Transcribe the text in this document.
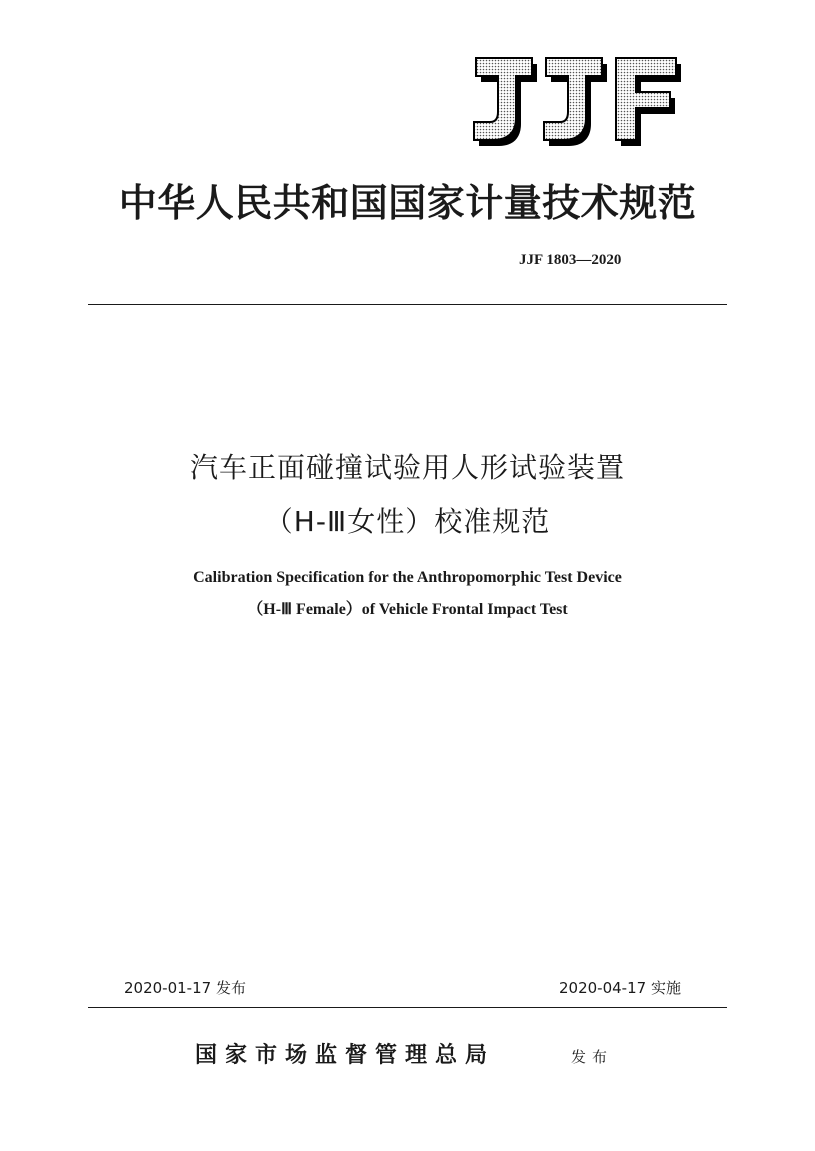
中华人民共和国国家计量技术规范
JJF 1803—2020
汽车正面碰撞试验用人形试验装置
（H-Ⅲ女性）校准规范
Calibration Specification for the Anthropomorphic Test Device
（H-Ⅲ Female）of Vehicle Frontal Impact Test
2020-01-17 发布	2020-04-17 实施
国家市场监督管理总局	发布
